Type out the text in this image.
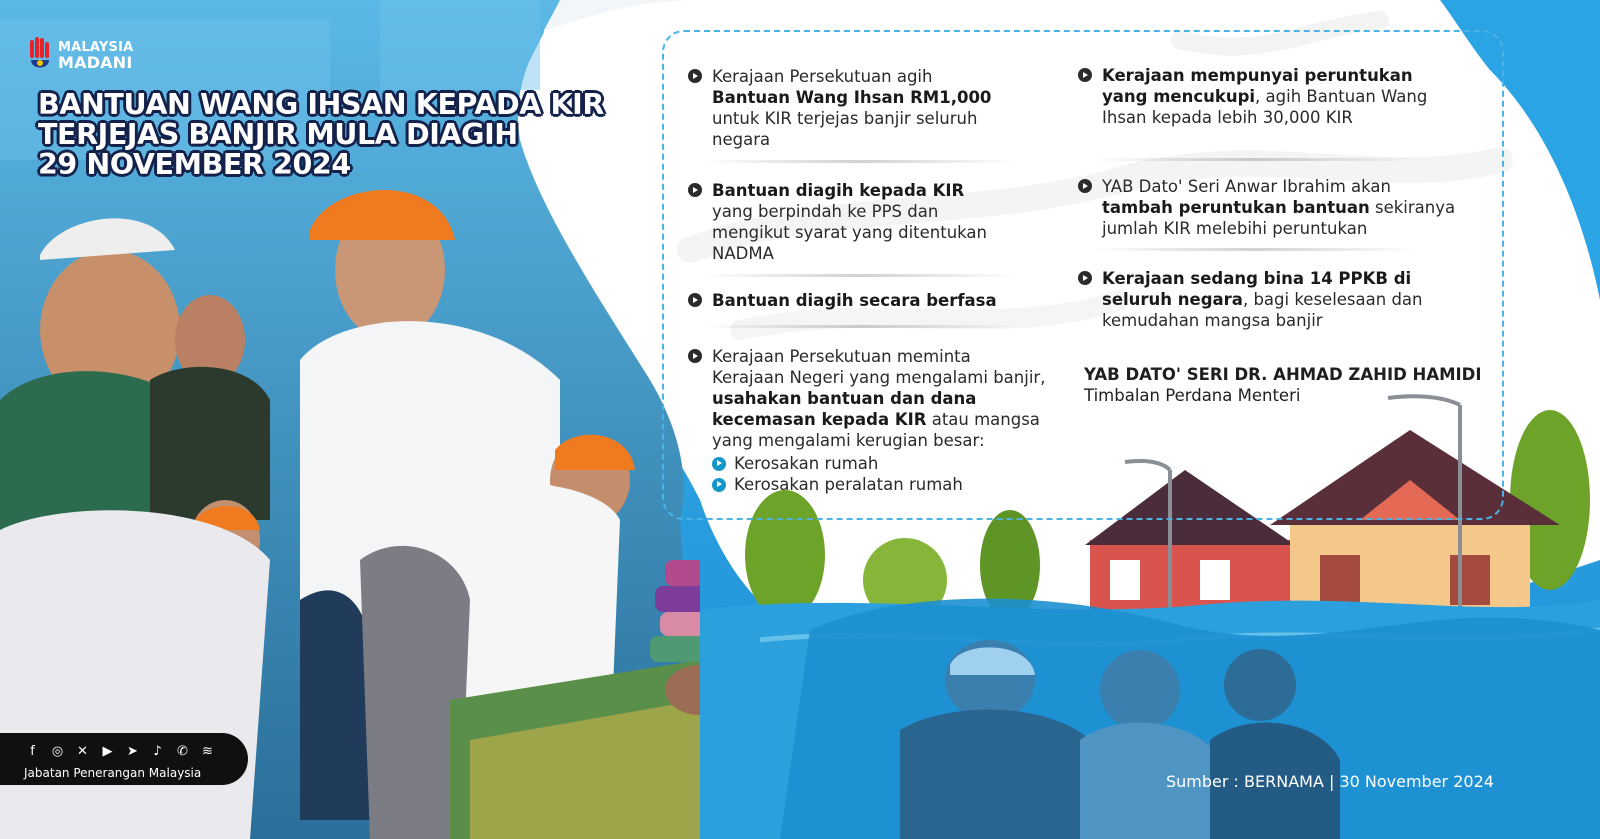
MALAYSIA
MADANI
BANTUAN WANG IHSAN KEPADA KIR
TERJEJAS BANJIR MULA DIAGIH
29 NOVEMBER 2024
Kerajaan Persekutuan agih
Bantuan Wang Ihsan RM1,000
untuk KIR terjejas banjir seluruh negara
Bantuan diagih kepada KIR
yang berpindah ke PPS dan mengikut syarat yang ditentukan NADMA
Bantuan diagih secara berfasa
Kerajaan Persekutuan meminta Kerajaan Negeri yang mengalami banjir, usahakan bantuan dan dana kecemasan kepada KIR atau mangsa yang mengalami kerugian besar:
Kerosakan rumah
Kerosakan peralatan rumah
Kerajaan mempunyai peruntukan yang mencukupi, agih Bantuan Wang Ihsan kepada lebih 30,000 KIR
YAB Dato' Seri Anwar Ibrahim akan tambah peruntukan bantuan sekiranya jumlah KIR melebihi peruntukan
Kerajaan sedang bina 14 PPKB di seluruh negara, bagi keselesaan dan kemudahan mangsa banjir
YAB DATO' SERI DR. AHMAD ZAHID HAMIDI
Timbalan Perdana Menteri
f	◎ ✕ ▶ ➤	♪	✆ ≋
Jabatan Penerangan Malaysia	Sumber : BERNAMA | 30 November 2024
